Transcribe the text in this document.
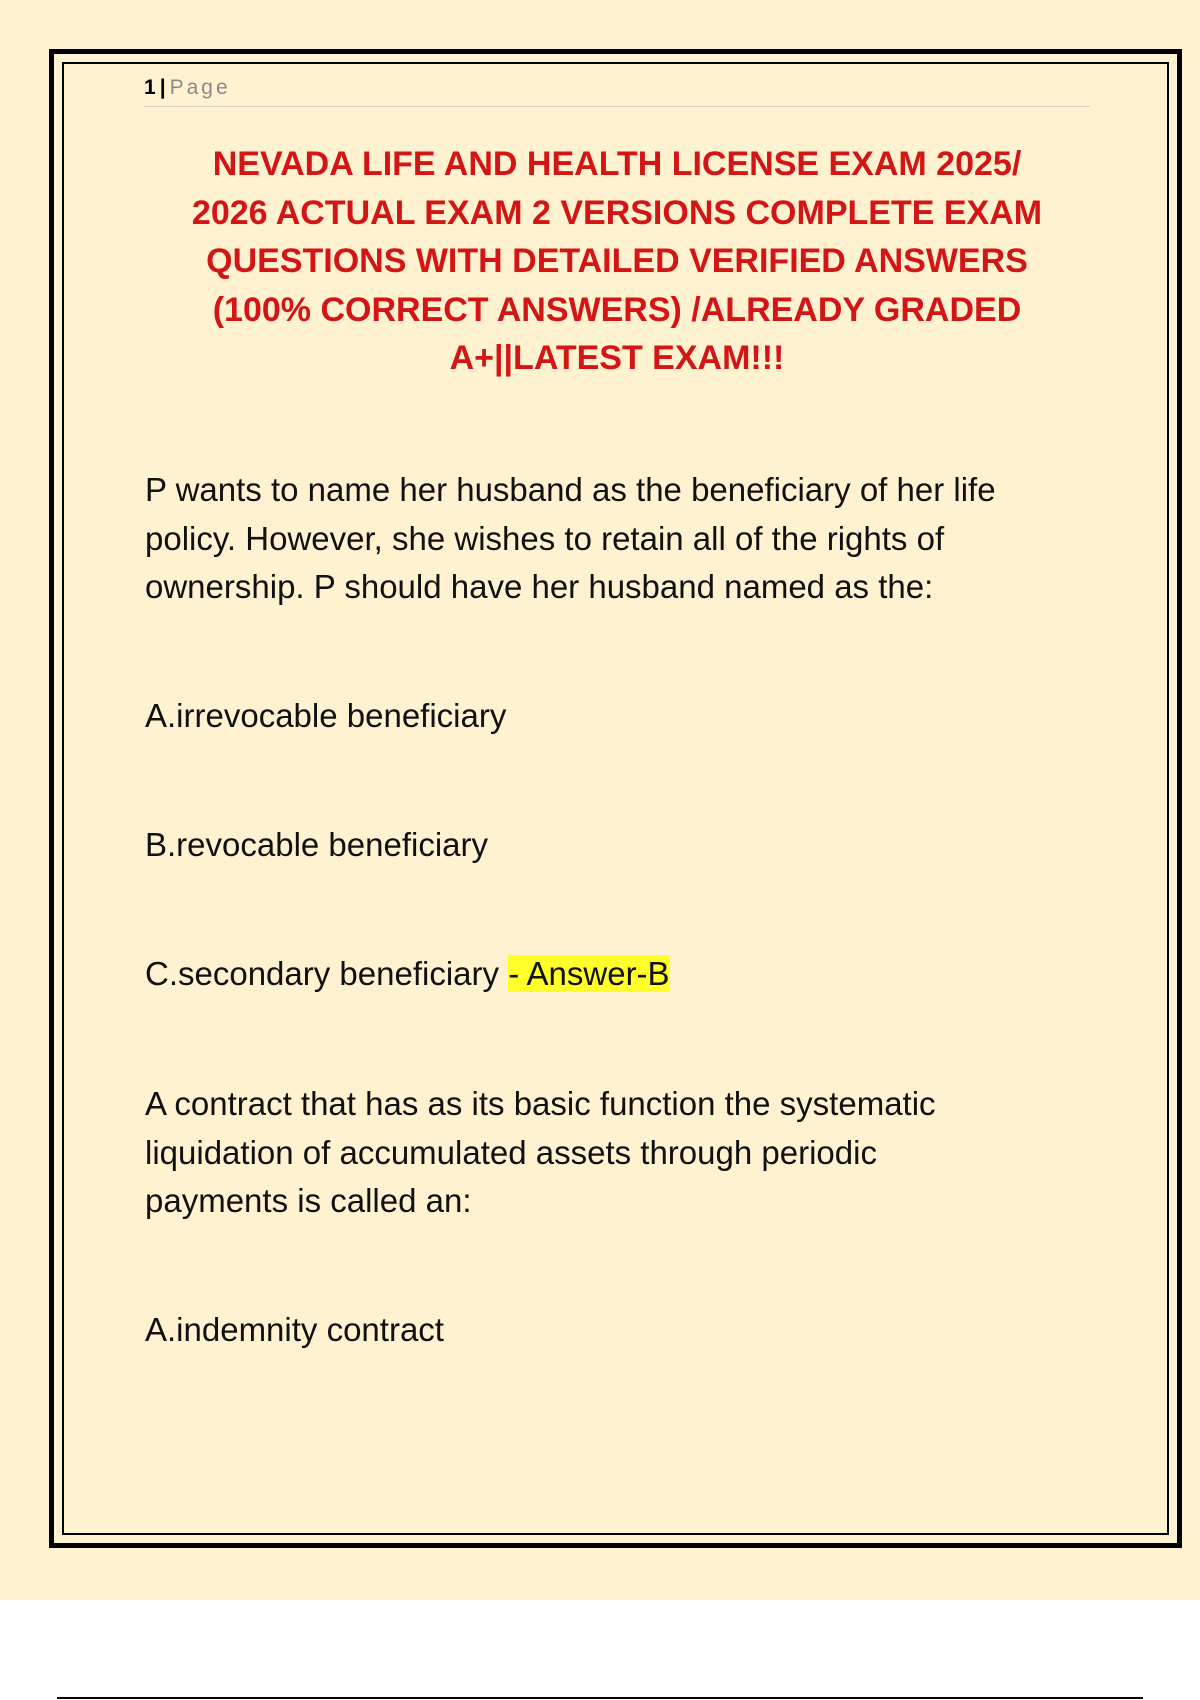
1 | Page
NEVADA LIFE AND HEALTH LICENSE EXAM 2025/
2026 ACTUAL EXAM 2 VERSIONS COMPLETE EXAM
QUESTIONS WITH DETAILED VERIFIED ANSWERS
(100% CORRECT ANSWERS) /ALREADY GRADED
A+||LATEST EXAM!!!

P wants to name her husband as the beneficiary of her life
policy. However, she wishes to retain all of the rights of
ownership. P should have her husband named as the:

A.irrevocable beneficiary

B.revocable beneficiary

C.secondary beneficiary - Answer-B

A contract that has as its basic function the systematic
liquidation of accumulated assets through periodic
payments is called an:

A.indemnity contract
